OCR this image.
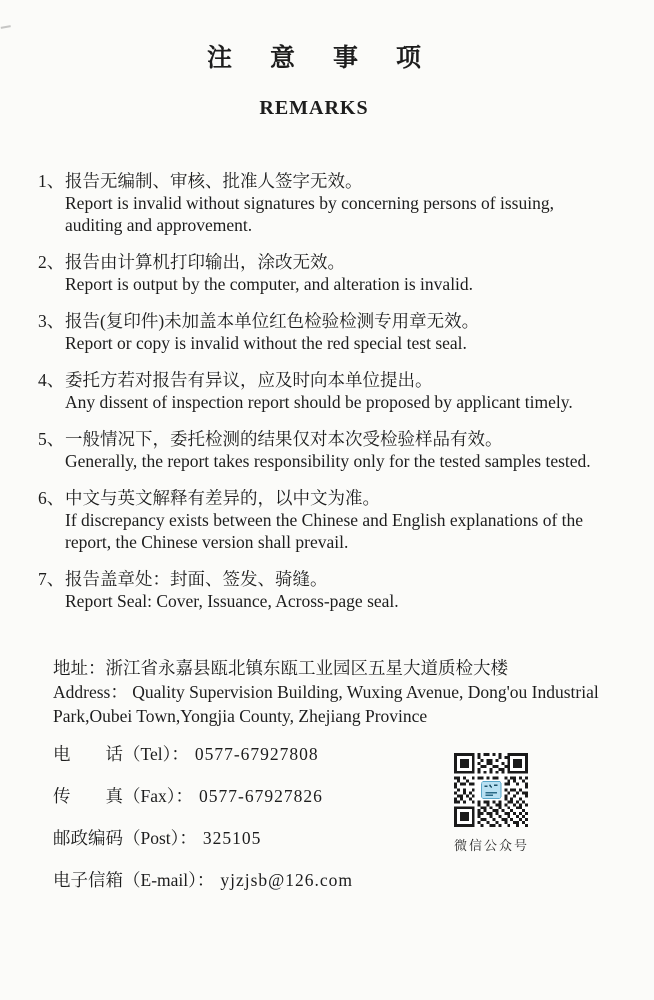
注意事项
REMARKS
1、 报告无编制、审核、批准人签字无效。
Report is invalid without signatures by concerning persons of issuing,
auditing and approvement.
2、 报告由计算机打印输出，涂改无效。
Report is output by the computer, and alteration is invalid.
3、 报告(复印件)未加盖本单位红色检验检测专用章无效。
Report or copy is invalid without the red special test seal.
4、 委托方若对报告有异议，应及时向本单位提出。
Any dissent of inspection report should be proposed by applicant timely.
5、 一般情况下，委托检测的结果仅对本次受检验样品有效。
Generally, the report takes responsibility only for the tested samples tested.
6、 中文与英文解释有差异的，以中文为准。
If discrepancy exists between the Chinese and English explanations of the
report, the Chinese version shall prevail.
7、 报告盖章处：封面、签发、骑缝。
Report Seal: Cover, Issuance, Across-page seal.
地址：浙江省永嘉县瓯北镇东瓯工业园区五星大道质检大楼
Address： Quality Supervision Building, Wuxing Avenue, Dong'ou Industrial
Park,Oubei Town,Yongjia County, Zhejiang Province
电　　话（Tel）： 0577-67927808
传　　真（Fax）： 0577-67927826
邮政编码（Post）： 325105
电子信箱（E-mail）： yjzjsb@126.com
微信公众号
